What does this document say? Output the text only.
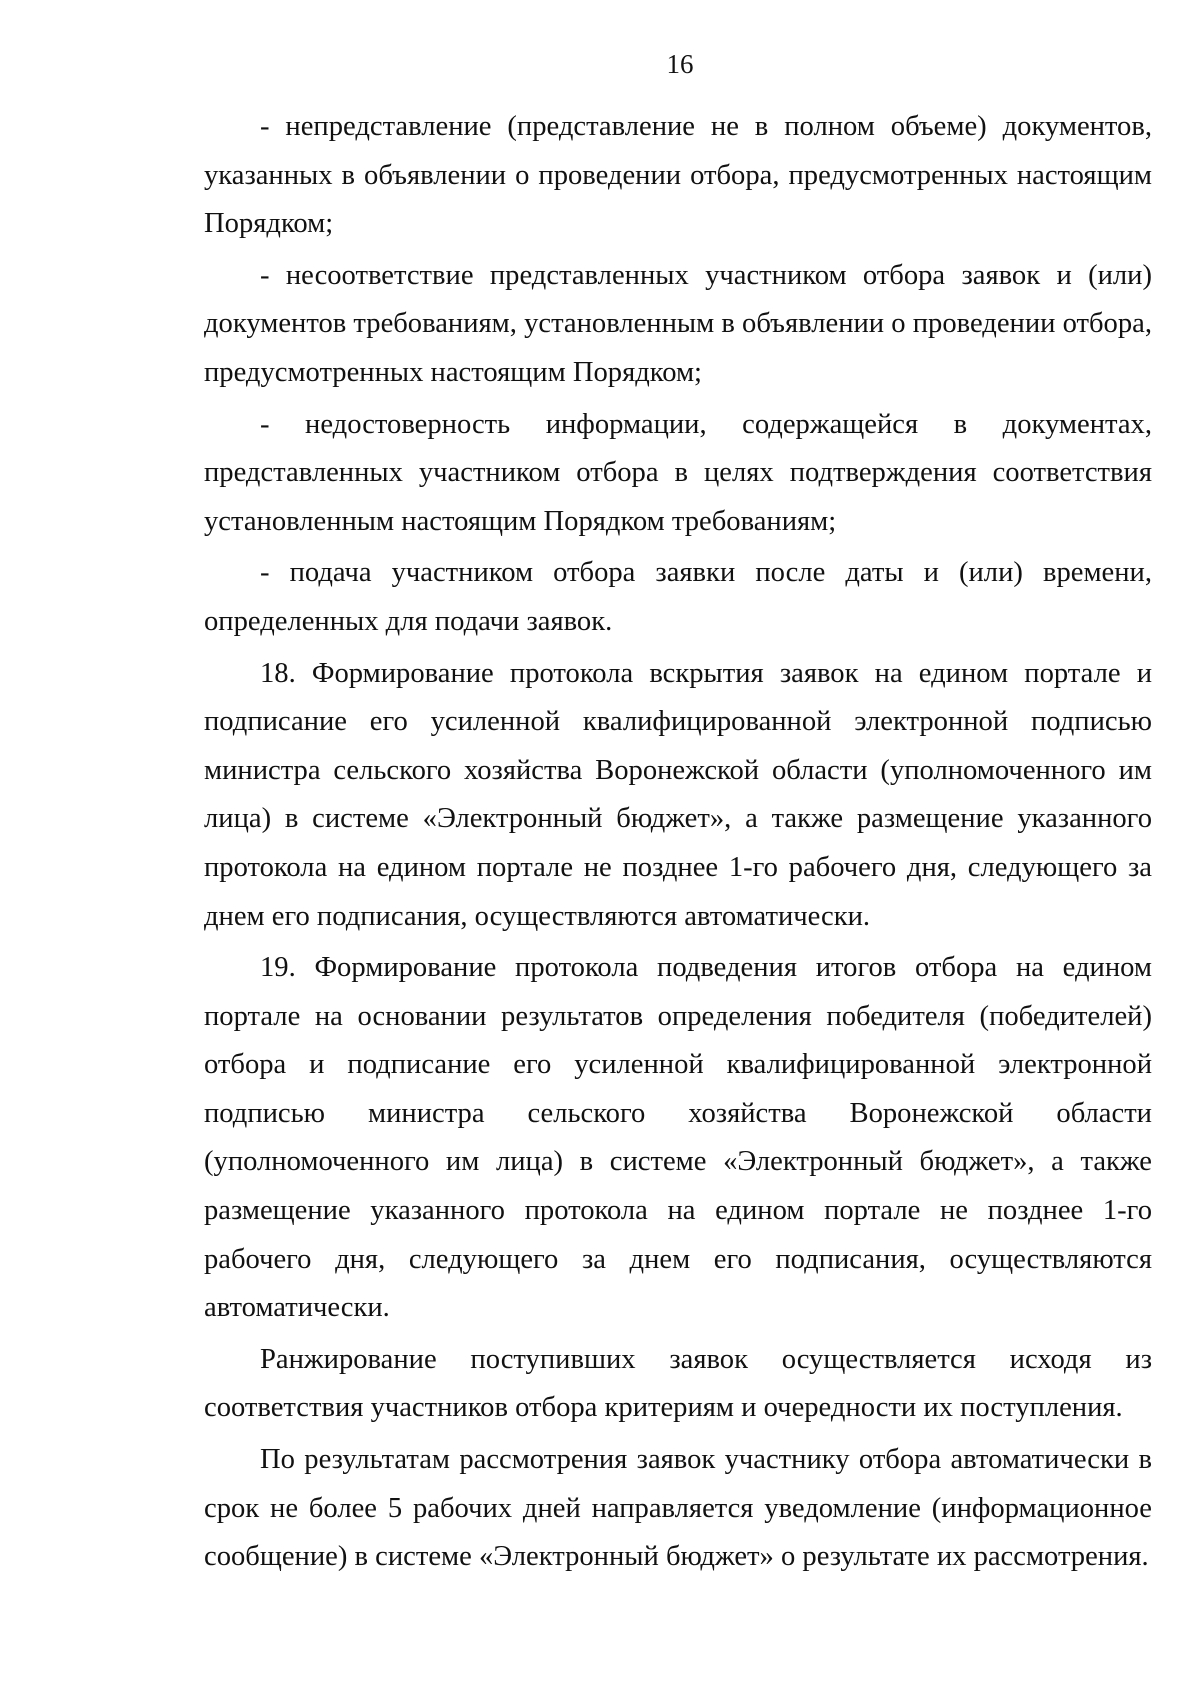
16

- непредставление (представление не в полном объеме) документов, указанных в объявлении о проведении отбора, предусмотренных настоящим Порядком;

- несоответствие представленных участником отбора заявок и (или) документов требованиям, установленным в объявлении о проведении отбора, предусмотренных настоящим Порядком;

- недостоверность информации, содержащейся в документах, представленных участником отбора в целях подтверждения соответствия установленным настоящим Порядком требованиям;

- подача участником отбора заявки после даты и (или) времени, определенных для подачи заявок.

18. Формирование протокола вскрытия заявок на едином портале и подписание его усиленной квалифицированной электронной подписью министра сельского хозяйства Воронежской области (уполномоченного им лица) в системе «Электронный бюджет», а также размещение указанного протокола на едином портале не позднее 1-го рабочего дня, следующего за днем его подписания, осуществляются автоматически.

19. Формирование протокола подведения итогов отбора на едином портале на основании результатов определения победителя (победителей) отбора и подписание его усиленной квалифицированной электронной подписью министра сельского хозяйства Воронежской области (уполномоченного им лица) в системе «Электронный бюджет», а также размещение указанного протокола на едином портале не позднее 1-го рабочего дня, следующего за днем его подписания, осуществляются автоматически.

Ранжирование поступивших заявок осуществляется исходя из соответствия участников отбора критериям и очередности их поступления.

По результатам рассмотрения заявок участнику отбора автоматически в срок не более 5 рабочих дней направляется уведомление (информационное сообщение) в системе «Электронный бюджет» о результате их рассмотрения.
